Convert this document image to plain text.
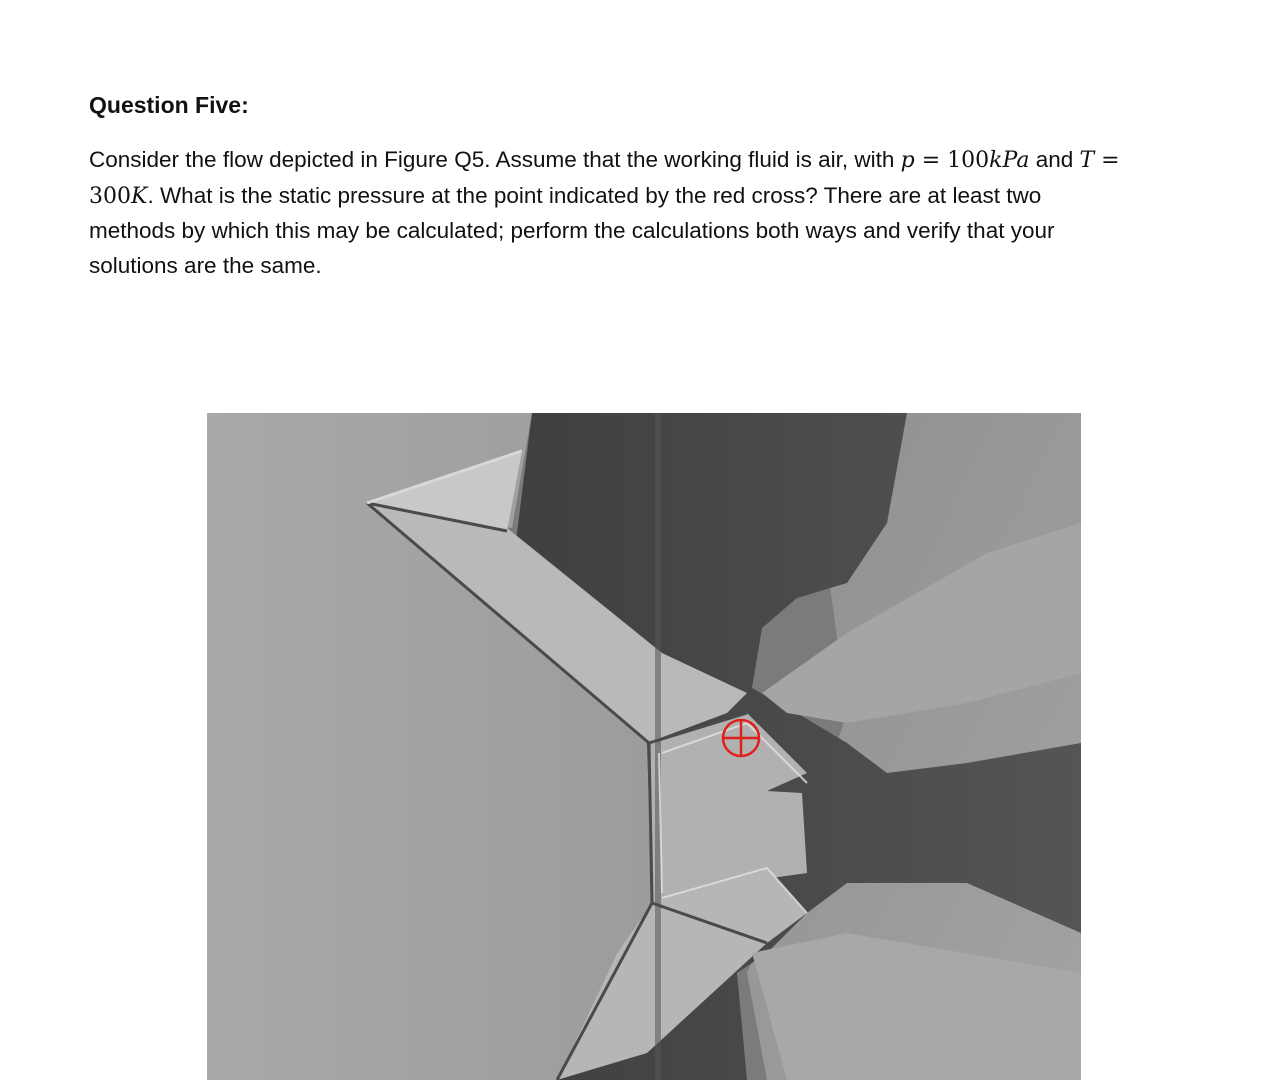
Question Five:
Consider the flow depicted in Figure Q5. Assume that the working fluid is air, with p = 100kPa and T =
300K. What is the static pressure at the point indicated by the red cross? There are at least two
methods by which this may be calculated; perform the calculations both ways and verify that your
solutions are the same.
